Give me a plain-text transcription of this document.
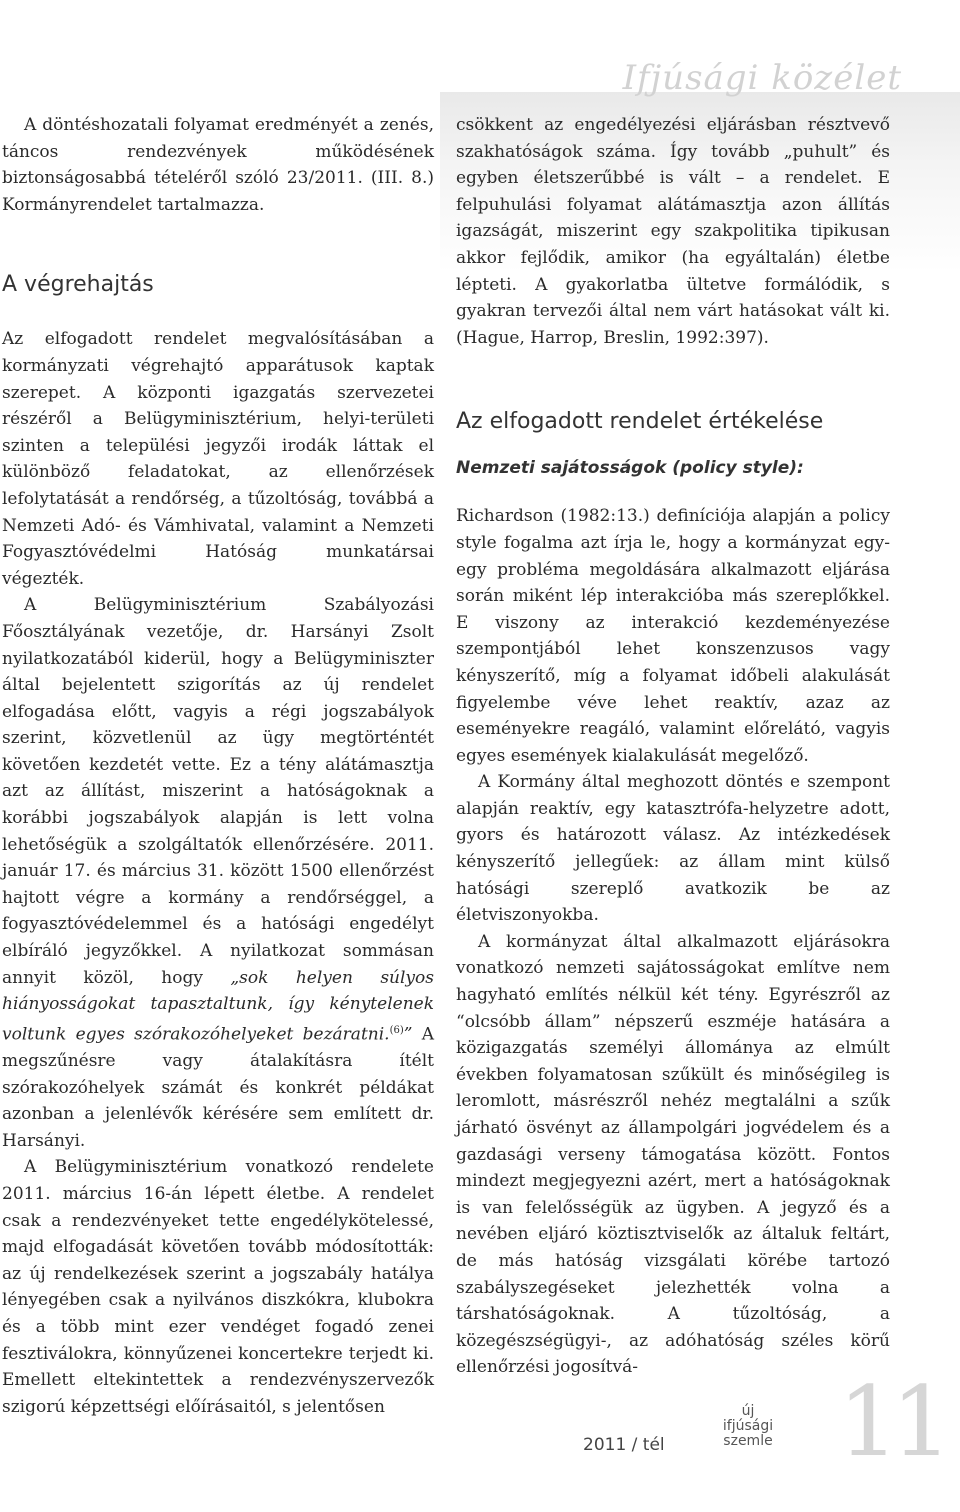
Ifjúsági közélet

A döntéshozatali folyamat eredményét a zenés, táncos rendezvények működésének biztonságosabbá tételéről szóló 23/2011. (III. 8.) Kormányrendelet tartalmazza.

A végrehajtás

Az elfogadott rendelet megvalósításában a kormányzati végrehajtó apparátusok kaptak szerepet. A központi igazgatás szervezetei részéről a Belügyminisztérium, helyi-területi szinten a települési jegyzői irodák láttak el különböző feladatokat, az ellenőrzések lefolytatását a rendőrség, a tűzoltóság, továbbá a Nemzeti Adó- és Vámhivatal, valamint a Nemzeti Fogyasztóvédelmi Hatóság munkatársai végezték.

A Belügyminisztérium Szabályozási Főosztályának vezetője, dr. Harsányi Zsolt nyilatkozatából kiderül, hogy a Belügyminiszter által bejelentett szigorítás az új rendelet elfogadása előtt, vagyis a régi jogszabályok szerint, közvetlenül az ügy megtörténtét követően kezdetét vette. Ez a tény alátámasztja azt az állítást, miszerint a hatóságoknak a korábbi jogszabályok alapján is lett volna lehetőségük a szolgáltatók ellenőrzésére. 2011. január 17. és március 31. között 1500 ellenőrzést hajtott végre a kormány a rendőrséggel, a fogyasztóvédelemmel és a hatósági engedélyt elbíráló jegyzőkkel. A nyilatkozat sommásan annyit közöl, hogy „sok helyen súlyos hiányosságokat tapasztaltunk, így kénytelenek voltunk egyes szórakozóhelyeket bezáratni.$^{(6)}$” A megszűnésre vagy átalakításra ítélt szórakozóhelyek számát és konkrét példákat azonban a jelenlévők kérésére sem említett dr. Harsányi.

A Belügyminisztérium vonatkozó rendelete 2011. március 16-án lépett életbe. A rendelet csak a rendezvényeket tette engedélykötelessé, majd elfogadását követően tovább módosították: az új rendelkezések szerint a jogszabály hatálya lényegében csak a nyilvános diszkókra, klubokra és a több mint ezer vendéget fogadó zenei fesztiválokra, könnyűzenei koncertekre terjedt ki. Emellett eltekintettek a rendezvényszervezők szigorú képzettségi előírásaitól, s jelentősen

csökkent az engedélyezési eljárásban résztvevő szakhatóságok száma. Így tovább „puhult” és egyben életszerűbbé is vált – a rendelet. E felpuhulási folyamat alátámasztja azon állítás igazságát, miszerint egy szakpolitika tipikusan akkor fejlődik, amikor (ha egyáltalán) életbe lépteti. A gyakorlatba ültetve formálódik, s gyakran tervezői által nem várt hatásokat vált ki. (Hague, Harrop, Breslin, 1992:397).

Az elfogadott rendelet értékelése
Nemzeti sajátosságok (policy style):

Richardson (1982:13.) definíciója alapján a policy style fogalma azt írja le, hogy a kormányzat egy-egy probléma megoldására alkalmazott eljárása során miként lép interakcióba más szereplőkkel. E viszony az interakció kezdeményezése szempontjából lehet konszenzusos vagy kényszerítő, míg a folyamat időbeli alakulását figyelembe véve lehet reaktív, azaz az eseményekre reagáló, valamint előrelátó, vagyis egyes események kialakulását megelőző.

A Kormány által meghozott döntés e szempont alapján reaktív, egy katasztrófa-helyzetre adott, gyors és határozott válasz. Az intézkedések kényszerítő jellegűek: az állam mint külső hatósági szereplő avatkozik be az életviszonyokba.

A kormányzat által alkalmazott eljárásokra vonatkozó nemzeti sajátosságokat említve nem hagyható említés nélkül két tény. Egyrészről az “olcsóbb állam” népszerű eszméje hatására a közigazgatás személyi állománya az elmúlt években folyamatosan szűkült és minőségileg is leromlott, másrészről nehéz megtalálni a szűk járható ösvényt az állampolgári jogvédelem és a gazdasági verseny támogatása között. Fontos mindezt megjegyezni azért, mert a hatóságoknak is van felelősségük az ügyben. A jegyző és a nevében eljáró köztisztviselők az általuk feltárt, de más hatóság vizsgálati körébe tartozó szabályszegéseket jelezhették volna a társhatóságoknak. A tűzoltóság, a közegészségügyi-, az adóhatóság széles körű ellenőrzési jogosítvá-

2011 / tél
új
ifjúsági
szemle 11
